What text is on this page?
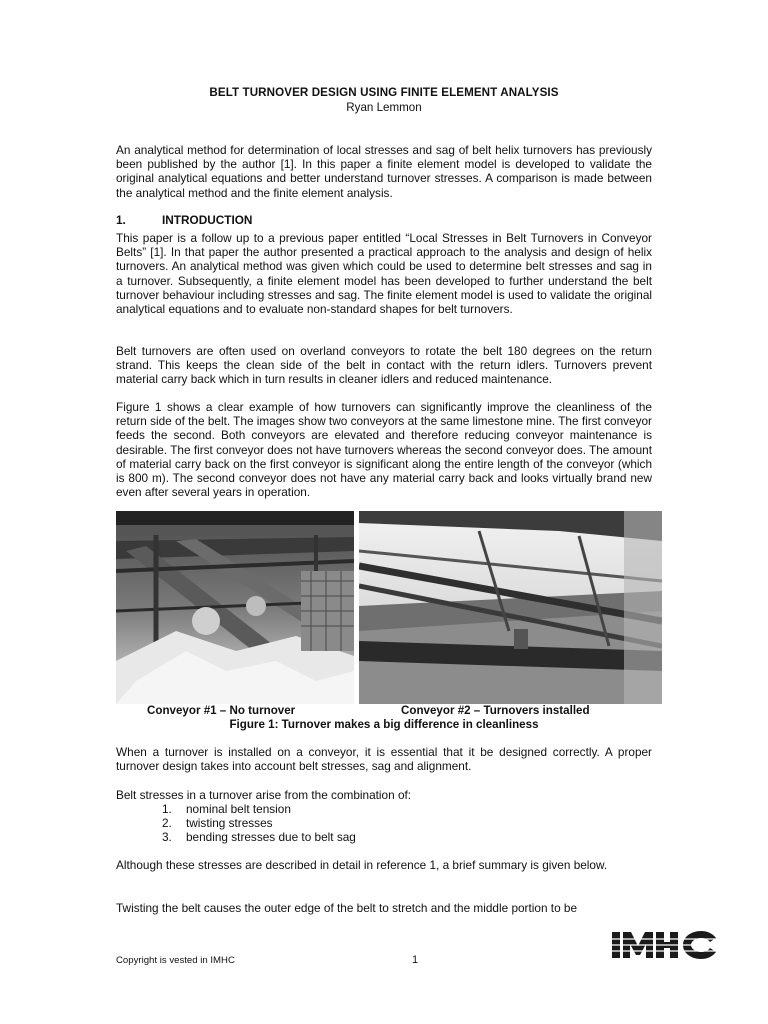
BELT TURNOVER DESIGN USING FINITE ELEMENT ANALYSIS
Ryan Lemmon

An analytical method for determination of local stresses and sag of belt helix turnovers has previously been published by the author [1]. In this paper a finite element model is developed to validate the original analytical equations and better understand turnover stresses. A comparison is made between the analytical method and the finite element analysis.

1.	INTRODUCTION

This paper is a follow up to a previous paper entitled “Local Stresses in Belt Turnovers in Conveyor Belts” [1]. In that paper the author presented a practical approach to the analysis and design of helix turnovers. An analytical method was given which could be used to determine belt stresses and sag in a turnover. Subsequently, a finite element model has been developed to further understand the belt turnover behaviour including stresses and sag. The finite element model is used to validate the original analytical equations and to evaluate non-standard shapes for belt turnovers.

Belt turnovers are often used on overland conveyors to rotate the belt 180 degrees on the return strand. This keeps the clean side of the belt in contact with the return idlers. Turnovers prevent material carry back which in turn results in cleaner idlers and reduced maintenance.

Figure 1 shows a clear example of how turnovers can significantly improve the cleanliness of the return side of the belt. The images show two conveyors at the same limestone mine. The first conveyor feeds the second. Both conveyors are elevated and therefore reducing conveyor maintenance is desirable. The first conveyor does not have turnovers whereas the second conveyor does. The amount of material carry back on the first conveyor is significant along the entire length of the conveyor (which is 800 m). The second conveyor does not have any material carry back and looks virtually brand new even after several years in operation.

Conveyor #1 – No turnover	Conveyor #2 – Turnovers installed
Figure 1: Turnover makes a big difference in cleanliness

When a turnover is installed on a conveyor, it is essential that it be designed correctly. A proper turnover design takes into account belt stresses, sag and alignment.

Belt stresses in a turnover arise from the combination of:

1. nominal belt tension
2. twisting stresses
3. bending stresses due to belt sag

Although these stresses are described in detail in reference 1, a brief summary is given below.

Twisting the belt causes the outer edge of the belt to stretch and the middle portion to be

Copyright is vested in IMHC	1
